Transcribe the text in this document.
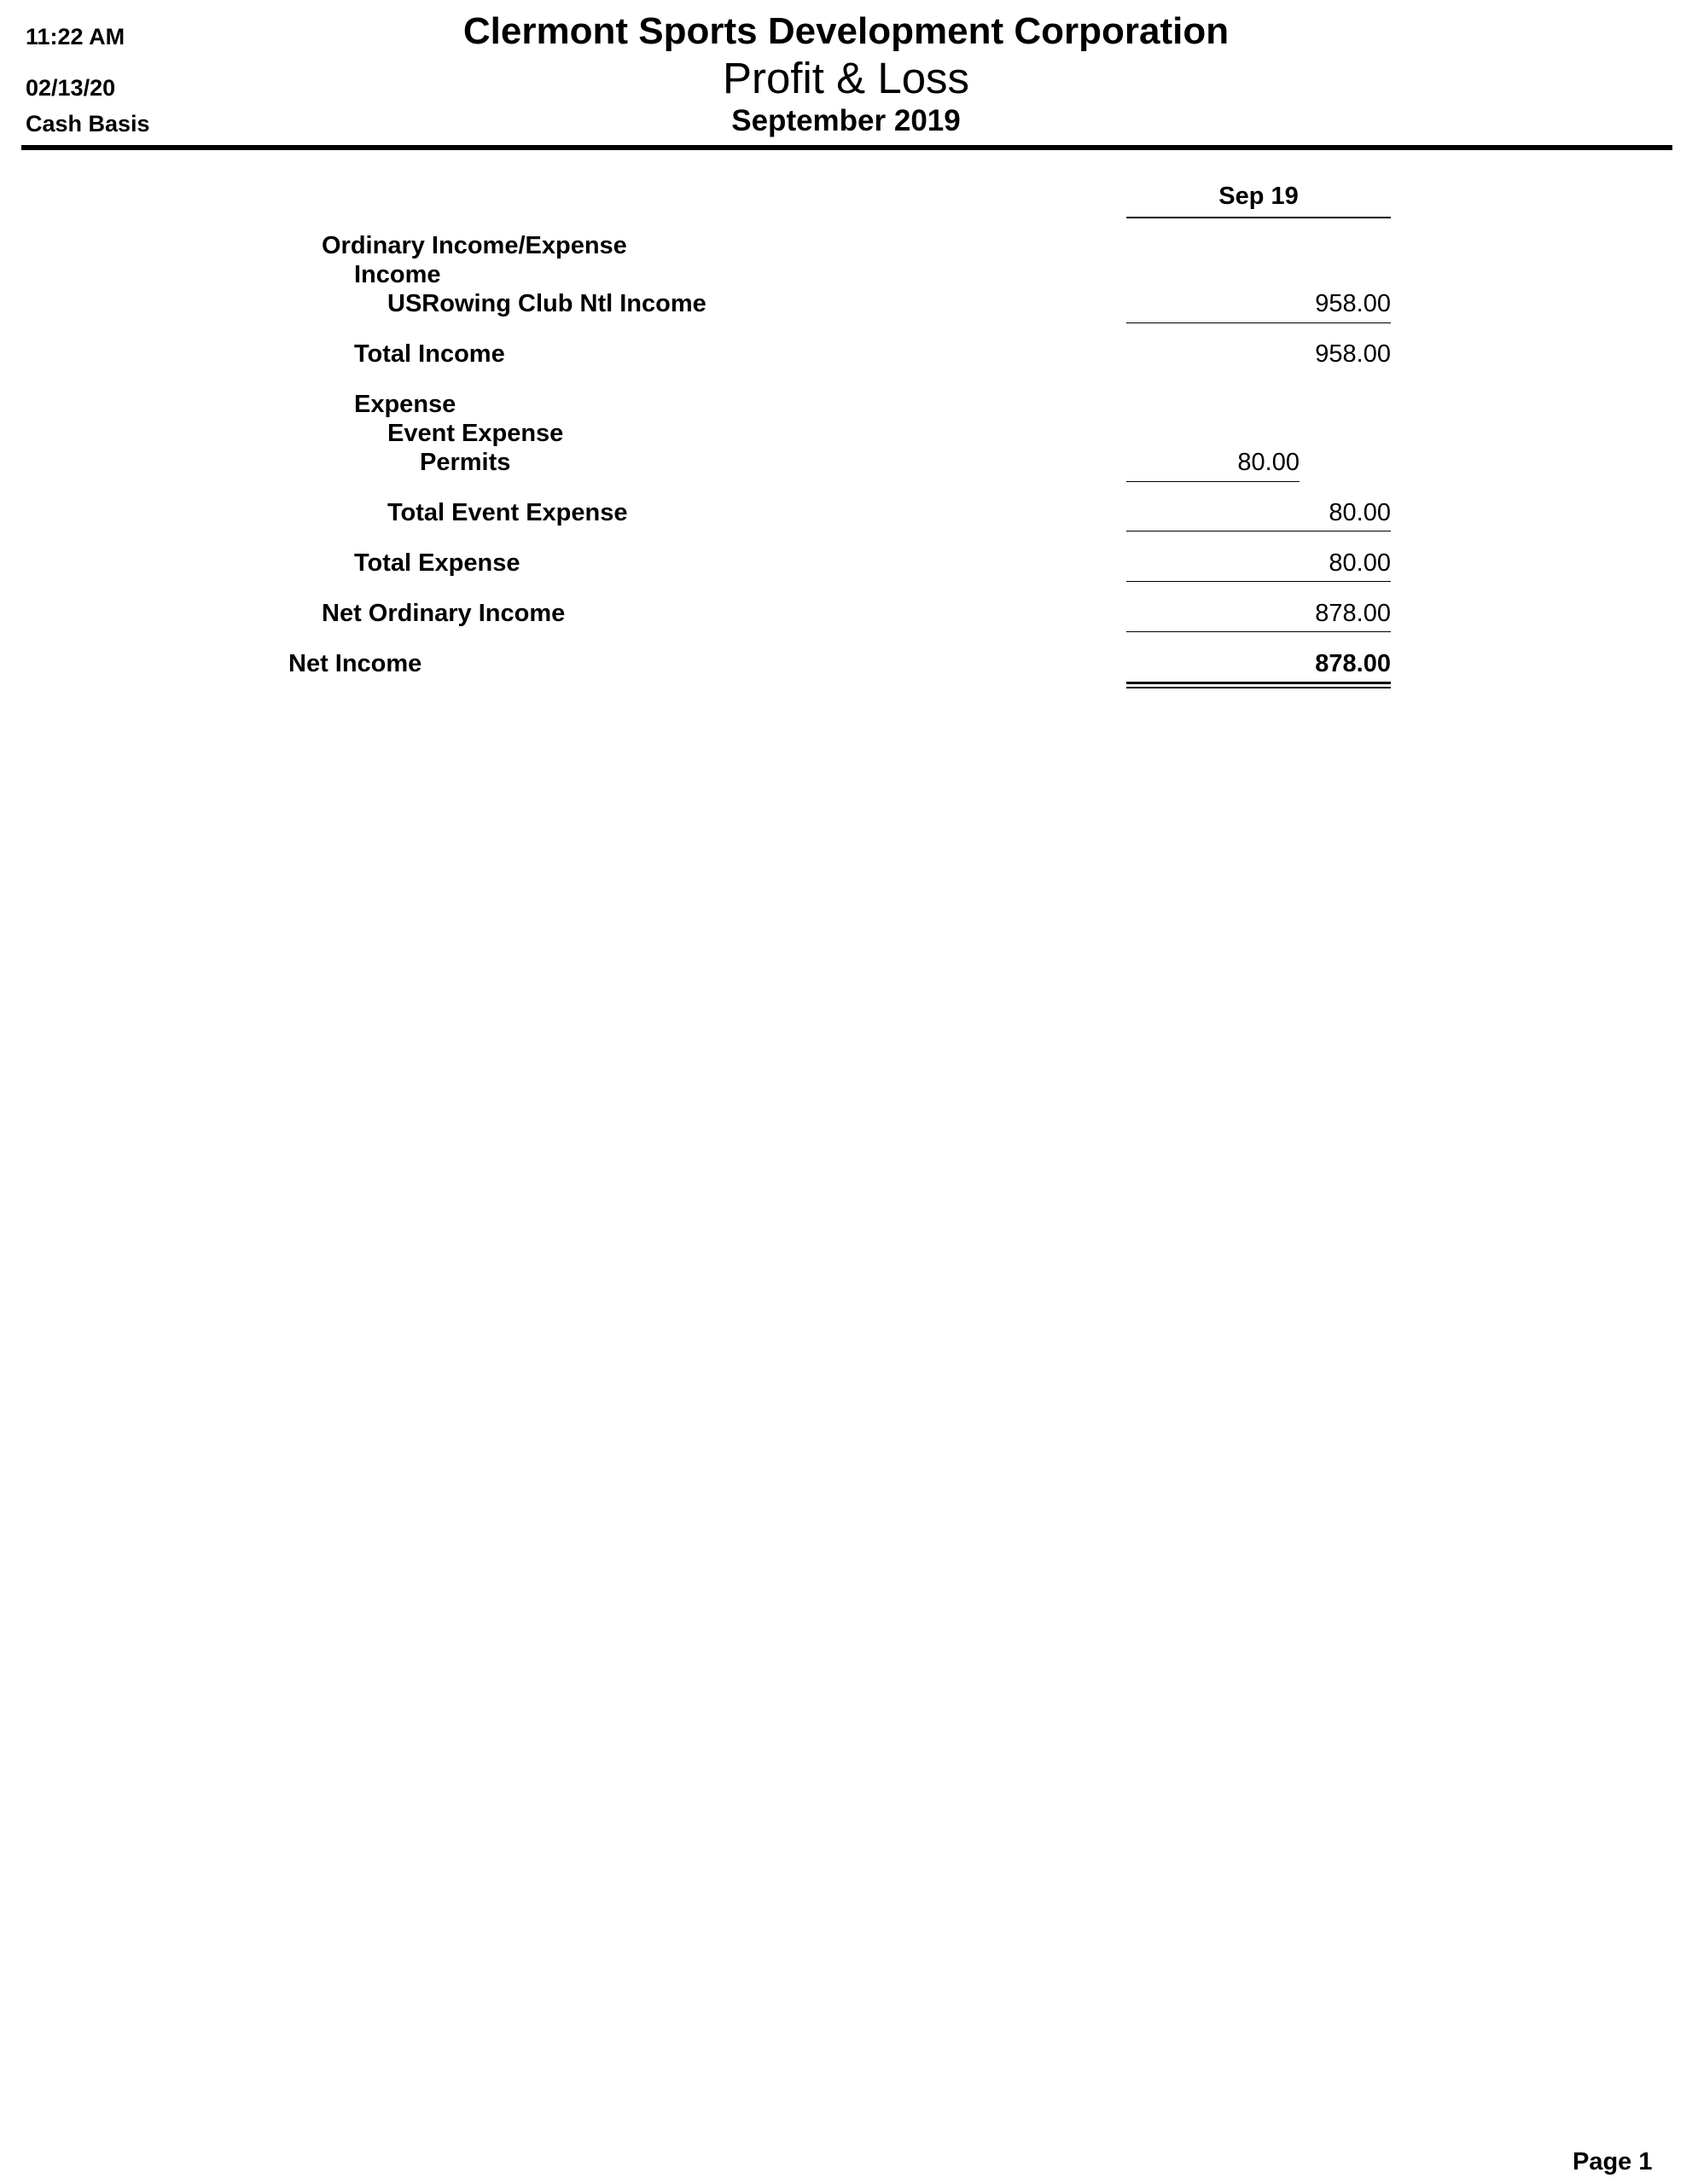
11:22 AM
02/13/20
Cash Basis
Clermont Sports Development Corporation
Profit & Loss
September 2019
Sep 19
Ordinary Income/Expense
Income
USRowing Club Ntl Income	958.00
Total Income	958.00
Expense
Event Expense
Permits	80.00
Total Event Expense	80.00
Total Expense	80.00
Net Ordinary Income	878.00
Net Income	878.00
Page 1
